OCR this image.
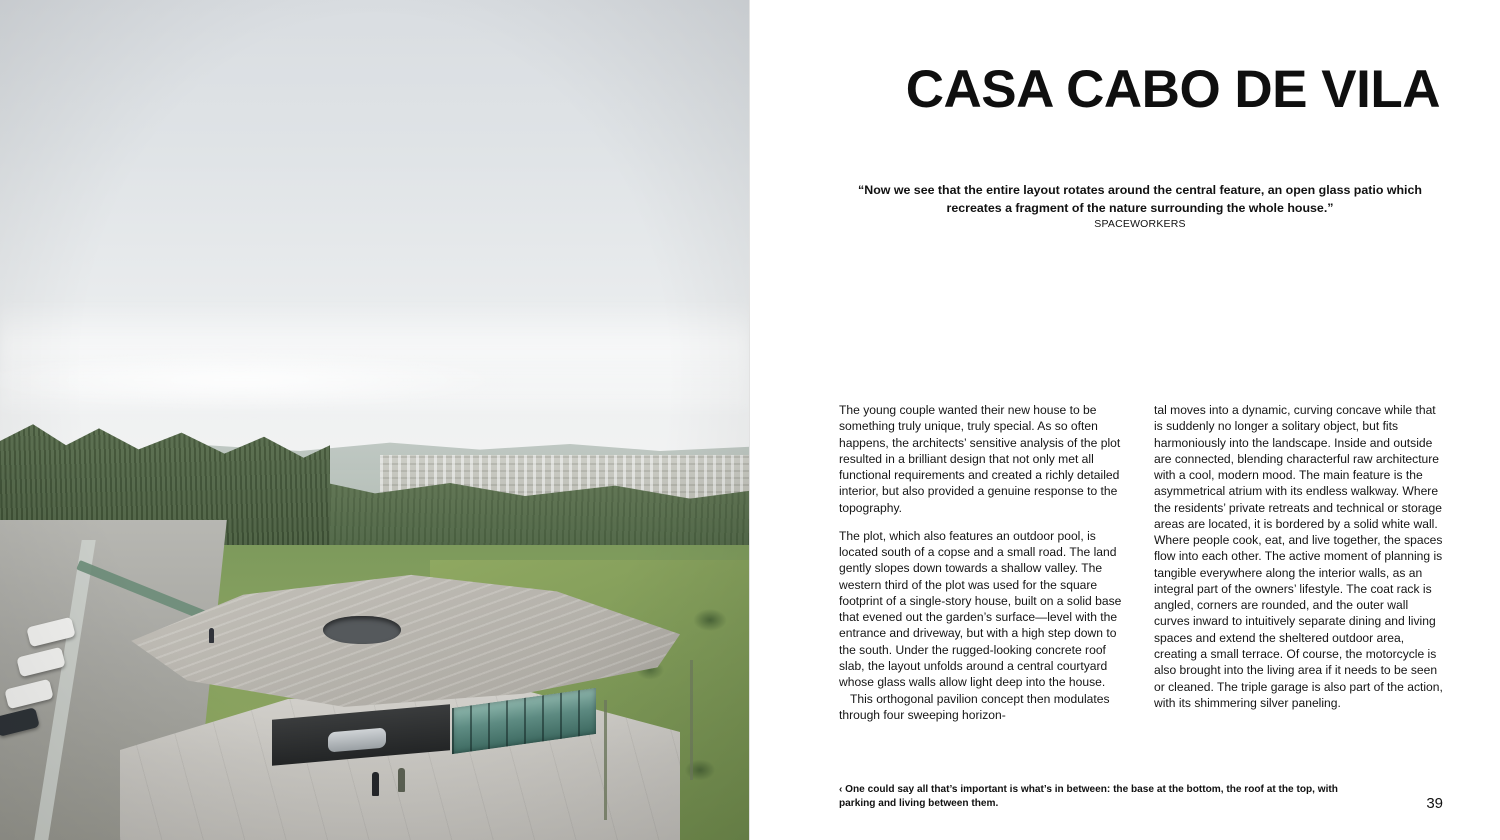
CASA CABO DE VILA
“Now we see that the entire layout rotates around the central feature, an open glass patio which recreates a fragment of the nature surrounding the whole house.”
SPACEWORKERS

The young couple wanted their new house to be something truly unique, truly special. As so often happens, the architects’ sensitive analysis of the plot resulted in a brilliant design that not only met all functional requirements and created a richly detailed interior, but also provided a genuine response to the topography.

The plot, which also features an outdoor pool, is located south of a copse and a small road. The land gently slopes down towards a shallow valley. The western third of the plot was used for the square footprint of a single-story house, built on a solid base that evened out the garden’s surface—level with the entrance and driveway, but with a high step down to the south. Under the rugged-looking concrete roof slab, the layout unfolds around a central courtyard whose glass walls allow light deep into the house.

This orthogonal pavilion concept then modulates through four sweeping horizon-

tal moves into a dynamic, curving concave while that is suddenly no longer a solitary object, but fits harmoniously into the landscape. Inside and outside are connected, blending characterful raw architecture with a cool, modern mood. The main feature is the asymmetrical atrium with its endless walkway. Where the residents’ private retreats and technical or storage areas are located, it is bordered by a solid white wall. Where people cook, eat, and live together, the spaces flow into each other. The active moment of planning is tangible everywhere along the interior walls, as an integral part of the owners’ lifestyle. The coat rack is angled, corners are rounded, and the outer wall curves inward to intuitively separate dining and living spaces and extend the sheltered outdoor area, creating a small terrace. Of course, the motorcycle is also brought into the living area if it needs to be seen or cleaned. The triple garage is also part of the action, with its shimmering silver paneling.

‹ One could say all that’s important is what’s in between: the base at the bottom, the roof at the top, with parking and living between them.	39
